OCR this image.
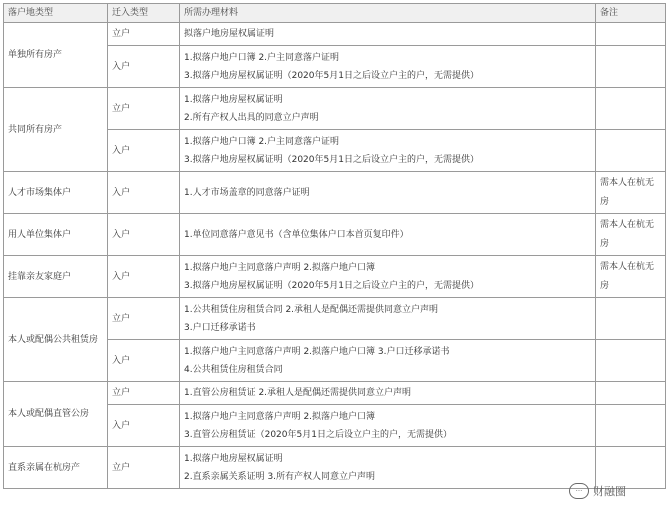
落户地类型	迁入类型	所需办理材料	备注
单独所有房产	立户	拟落户地房屋权属证明	

	入户	1.拟落户地户口簿 2.户主同意落户证明
3.拟落户地房屋权属证明（2020年5月1日之后设立户主的户，无需提供）	

共同所有房产	立户	1.拟落户地房屋权属证明
2.所有产权人出具的同意立户声明	

	入户	1.拟落户地户口簿 2.户主同意落户证明
3.拟落户地房屋权属证明（2020年5月1日之后设立户主的户，无需提供）	

人才市场集体户	入户	1.人才市场盖章的同意落户证明	需本人在杭无
房

用人单位集体户	入户	1.单位同意落户意见书（含单位集体户口本首页复印件）	需本人在杭无
房

挂靠亲友家庭户	入户	1.拟落户地户主同意落户声明 2.拟落户地户口簿
3.拟落户地房屋权属证明（2020年5月1日之后设立户主的户，无需提供）	需本人在杭无
房

本人或配偶公共租赁房	立户	1.公共租赁住房租赁合同 2.承租人是配偶还需提供同意立户声明
3.户口迁移承诺书	

	入户	1.拟落户地户主同意落户声明 2.拟落户地户口簿 3.户口迁移承诺书
4.公共租赁住房租赁合同	

本人或配偶直管公房	立户	1.直管公房租赁证 2.承租人是配偶还需提供同意立户声明	

	入户	1.拟落户地户主同意落户声明 2.拟落户地户口簿
3.直管公房租赁证（2020年5月1日之后设立户主的户，无需提供）	

直系亲属在杭房产	立户	1.拟落户地房屋权属证明
2.直系亲属关系证明 3.所有产权人同意立户声明	

··· 财融圈
